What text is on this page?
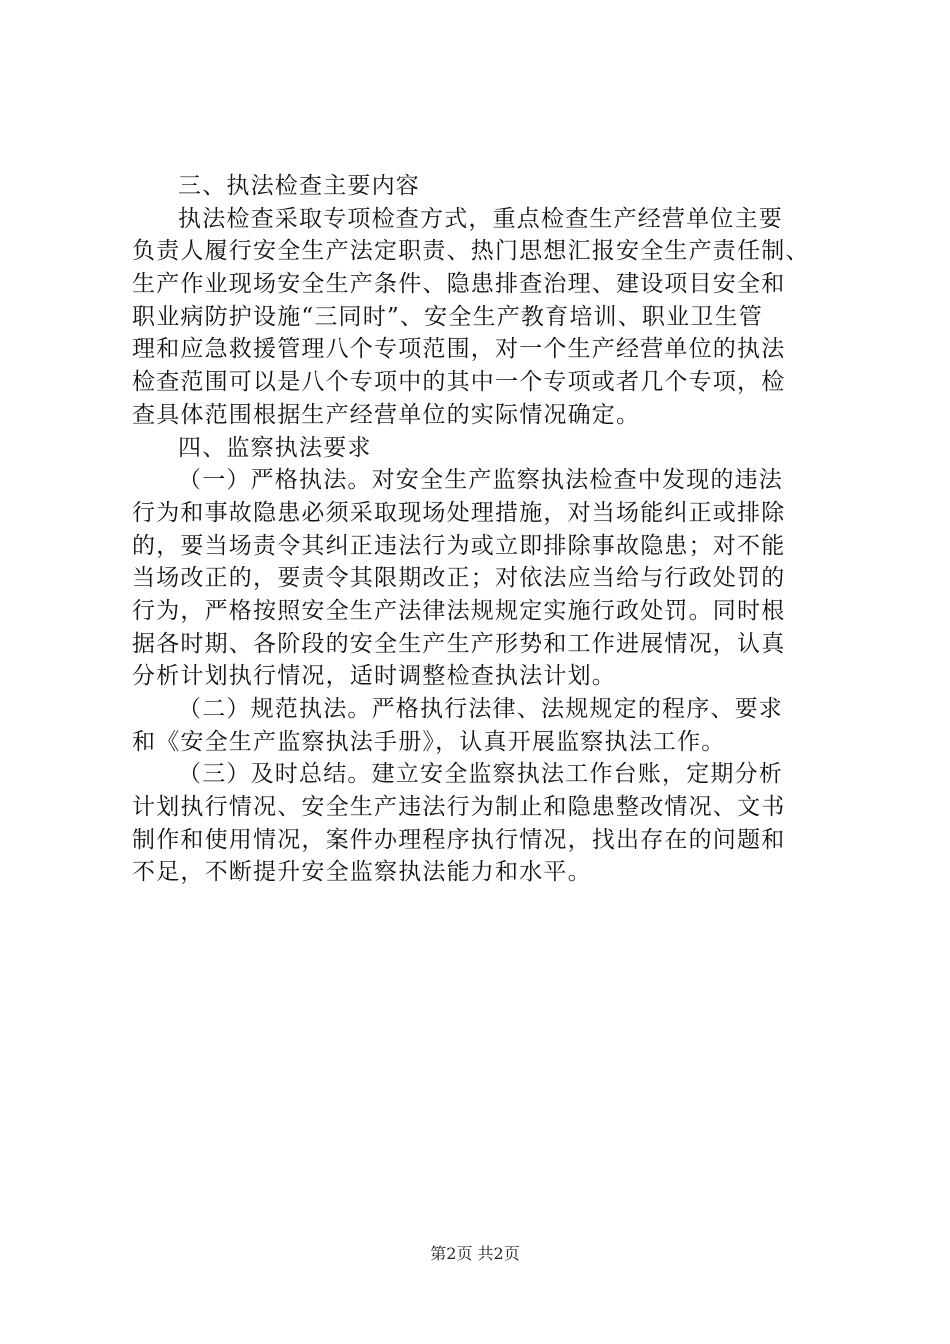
三、执法检查主要内容
执法检查采取专项检查方式，重点检查生产经营单位主要
负责人履行安全生产法定职责、热门思想汇报安全生产责任制、
生产作业现场安全生产条件、隐患排查治理、建设项目安全和
职业病防护设施“三同时”、安全生产教育培训、职业卫生管
理和应急救援管理八个专项范围，对一个生产经营单位的执法
检查范围可以是八个专项中的其中一个专项或者几个专项，检
查具体范围根据生产经营单位的实际情况确定。
四、监察执法要求
（一）严格执法。对安全生产监察执法检查中发现的违法
行为和事故隐患必须采取现场处理措施，对当场能纠正或排除
的，要当场责令其纠正违法行为或立即排除事故隐患；对不能
当场改正的，要责令其限期改正；对依法应当给与行政处罚的
行为，严格按照安全生产法律法规规定实施行政处罚。同时根
据各时期、各阶段的安全生产生产形势和工作进展情况，认真
分析计划执行情况，适时调整检查执法计划。
（二）规范执法。严格执行法律、法规规定的程序、要求
和《安全生产监察执法手册》，认真开展监察执法工作。
（三）及时总结。建立安全监察执法工作台账，定期分析
计划执行情况、安全生产违法行为制止和隐患整改情况、文书
制作和使用情况，案件办理程序执行情况，找出存在的问题和
不足，不断提升安全监察执法能力和水平。
第2页 共2页
